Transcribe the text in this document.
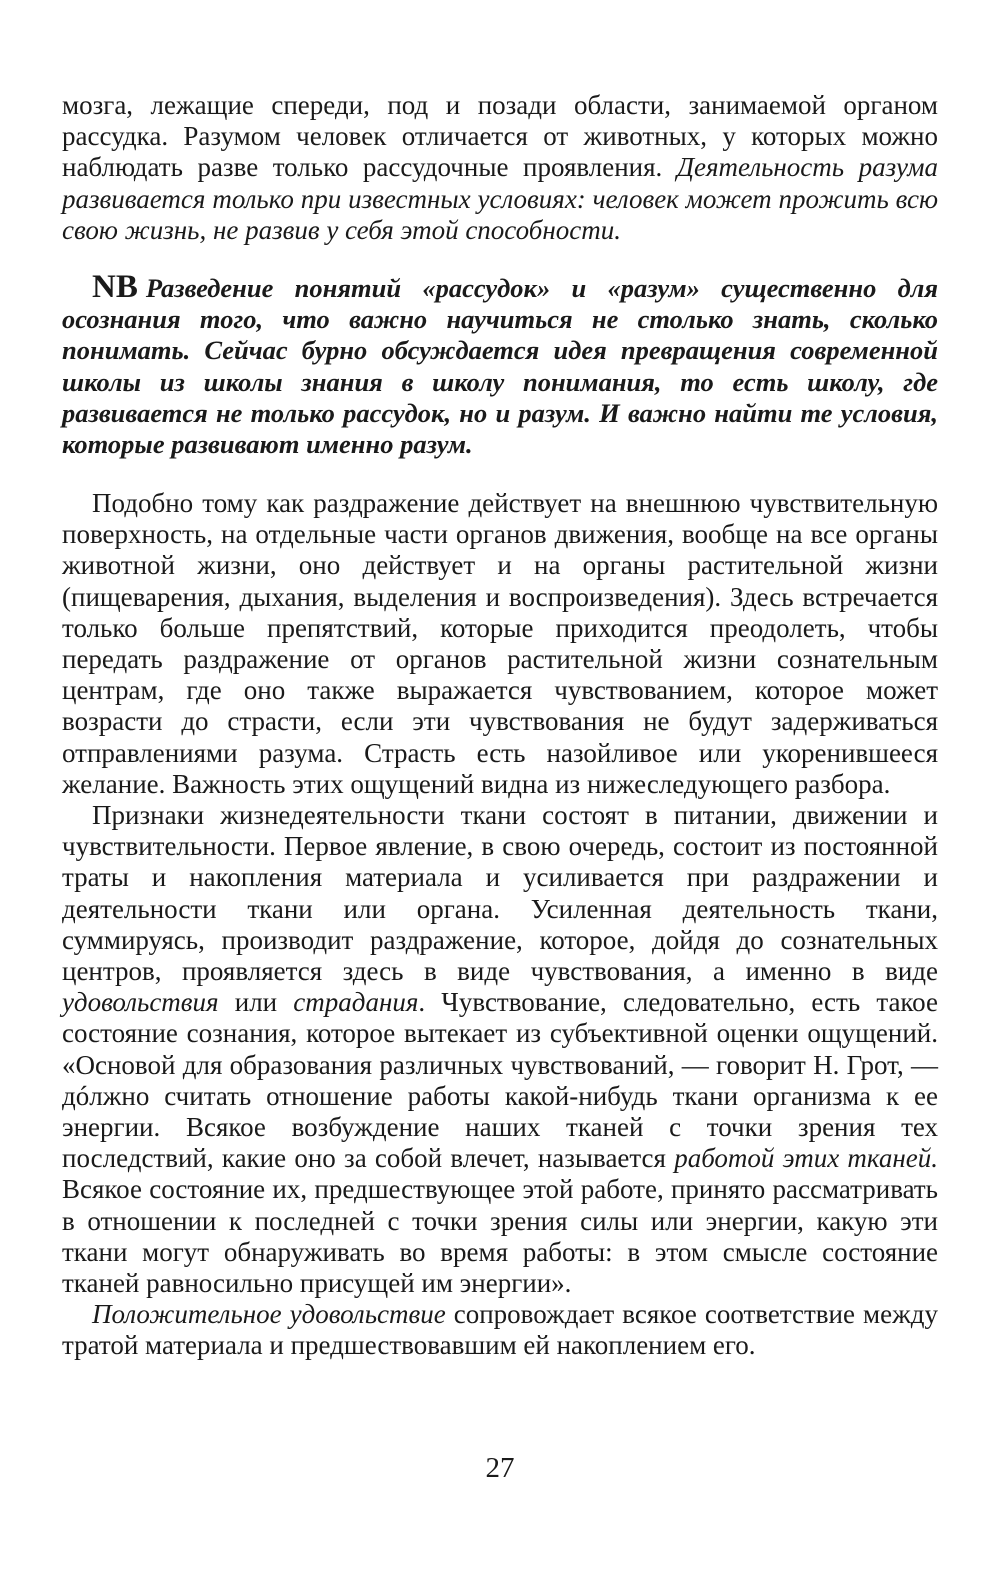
мозга, лежащие спереди, под и позади области, занимаемой органом рассудка. Разумом человек отличается от животных, у которых можно наблюдать разве только рассудочные проявления. Деятельность разума развивается только при известных условиях: человек может прожить всю свою жизнь, не развив у себя этой способности.
NB Разведение понятий «рассудок» и «разум» существенно для осознания того, что важно научиться не столько знать, сколько понимать. Сейчас бурно обсуждается идея превращения современной школы из школы знания в школу понимания, то есть школу, где развивается не только рассудок, но и разум. И важно найти те условия, которые развивают именно разум.

Подобно тому как раздражение действует на внешнюю чувствительную поверхность, на отдельные части органов движения, вообще на все органы животной жизни, оно действует и на органы растительной жизни (пищеварения, дыхания, выделения и воспроизведения). Здесь встречается только больше препятствий, которые приходится преодолеть, чтобы передать раздражение от органов растительной жизни сознательным центрам, где оно также выражается чувствованием, которое может возрасти до страсти, если эти чувствования не будут задерживаться отправлениями разума. Страсть есть назойливое или укоренившееся желание. Важность этих ощущений видна из нижеследующего разбора.

Признаки жизнедеятельности ткани состоят в питании, движении и чувствительности. Первое явление, в свою очередь, состоит из постоянной траты и накопления материала и усиливается при раздражении и деятельности ткани или органа. Усиленная деятельность ткани, суммируясь, производит раздражение, которое, дойдя до сознательных центров, проявляется здесь в виде чувствования, а именно в виде удовольствия или страдания. Чувствование, следовательно, есть такое состояние сознания, которое вытекает из субъективной оценки ощущений. «Основой для образования различных чувствований, — говорит Н. Грот, — дóлжно считать отношение работы какой-нибудь ткани организма к ее энергии. Всякое возбуждение наших тканей с точки зрения тех последствий, какие оно за собой влечет, называется работой этих тканей. Всякое состояние их, предшествующее этой работе, принято рассматривать в отношении к последней с точки зрения силы или энергии, какую эти ткани могут обнаруживать во время работы: в этом смысле состояние тканей равносильно присущей им энергии».

Положительное удовольствие сопровождает всякое соответствие между тратой материала и предшествовавшим ей накоплением его.

27
